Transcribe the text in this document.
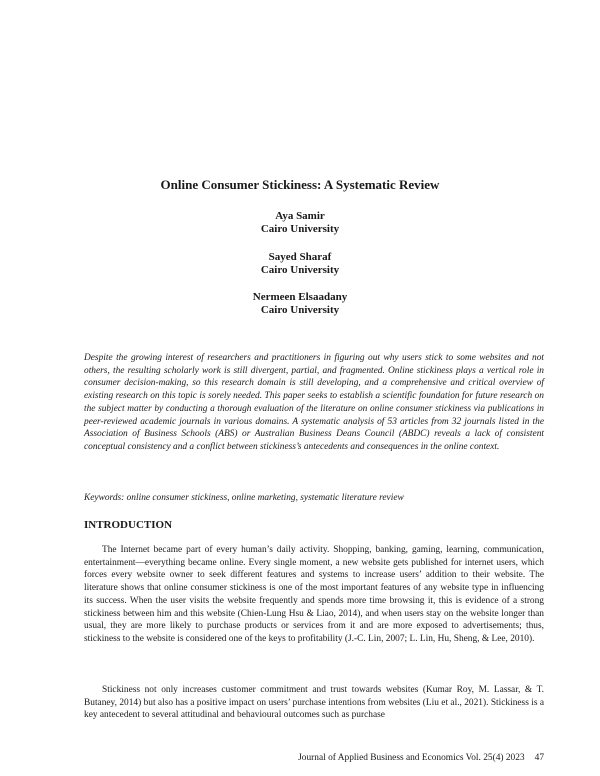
Online Consumer Stickiness: A Systematic Review
Aya Samir
Cairo University
Sayed Sharaf
Cairo University
Nermeen Elsaadany
Cairo University

Despite the growing interest of researchers and practitioners in figuring out why users stick to some websites and not others, the resulting scholarly work is still divergent, partial, and fragmented. Online stickiness plays a vertical role in consumer decision-making, so this research domain is still developing, and a comprehensive and critical overview of existing research on this topic is sorely needed. This paper seeks to establish a scientific foundation for future research on the subject matter by conducting a thorough evaluation of the literature on online consumer stickiness via publications in peer-reviewed academic journals in various domains. A systematic analysis of 53 articles from 32 journals listed in the Association of Business Schools (ABS) or Australian Business Deans Council (ABDC) reveals a lack of consistent conceptual consistency and a conflict between stickiness’s antecedents and consequences in the online context.

Keywords: online consumer stickiness, online marketing, systematic literature review

INTRODUCTION

The Internet became part of every human’s daily activity. Shopping, banking, gaming, learning, communication, entertainment—everything became online. Every single moment, a new website gets published for internet users, which forces every website owner to seek different features and systems to increase users’ addition to their website. The literature shows that online consumer stickiness is one of the most important features of any website type in influencing its success. When the user visits the website frequently and spends more time browsing it, this is evidence of a strong stickiness between him and this website (Chien-Lung Hsu & Liao, 2014), and when users stay on the website longer than usual, they are more likely to purchase products or services from it and are more exposed to advertisements; thus, stickiness to the website is considered one of the keys to profitability (J.-C. Lin, 2007; L. Lin, Hu, Sheng, & Lee, 2010).

Stickiness not only increases customer commitment and trust towards websites (Kumar Roy, M. Lassar, & T. Butaney, 2014) but also has a positive impact on users’ purchase intentions from websites (Liu et al., 2021). Stickiness is a key antecedent to several attitudinal and behavioural outcomes such as purchase

Journal of Applied Business and Economics Vol. 25(4) 2023 47
